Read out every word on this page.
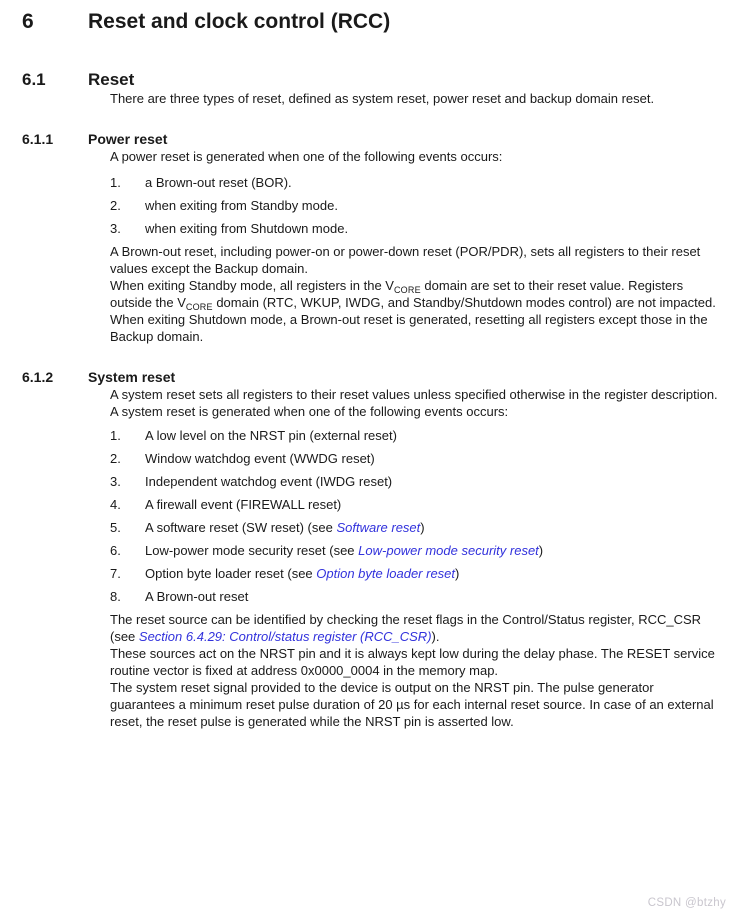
6	Reset and clock control (RCC)
6.1	Reset

There are three types of reset, defined as system reset, power reset and backup domain reset.

6.1.1	Power reset

A power reset is generated when one of the following events occurs:

1.	a Brown-out reset (BOR).
2.	when exiting from Standby mode.
3.	when exiting from Shutdown mode.

A Brown-out reset, including power-on or power-down reset (POR/PDR), sets all registers to their reset values except the Backup domain.

When exiting Standby mode, all registers in the $V_{CORE}$ domain are set to their reset value. Registers outside the $V_{CORE}$ domain (RTC, WKUP, IWDG, and Standby/Shutdown modes control) are not impacted.

When exiting Shutdown mode, a Brown-out reset is generated, resetting all registers except those in the Backup domain.

6.1.2	System reset

A system reset sets all registers to their reset values unless specified otherwise in the register description.

A system reset is generated when one of the following events occurs:

1.	A low level on the NRST pin (external reset)
2.	Window watchdog event (WWDG reset)
3.	Independent watchdog event (IWDG reset)
4.	A firewall event (FIREWALL reset)
5.	A software reset (SW reset) (see Software reset)
6.	Low-power mode security reset (see Low-power mode security reset)
7.	Option byte loader reset (see Option byte loader reset)
8.	A Brown-out reset

The reset source can be identified by checking the reset flags in the Control/Status register, RCC_CSR (see Section 6.4.29: Control/status register (RCC_CSR)).

These sources act on the NRST pin and it is always kept low during the delay phase. The RESET service routine vector is fixed at address 0x0000_0004 in the memory map.

The system reset signal provided to the device is output on the NRST pin. The pulse generator guarantees a minimum reset pulse duration of 20 µs for each internal reset source. In case of an external reset, the reset pulse is generated while the NRST pin is asserted low.

CSDN @btzhy
